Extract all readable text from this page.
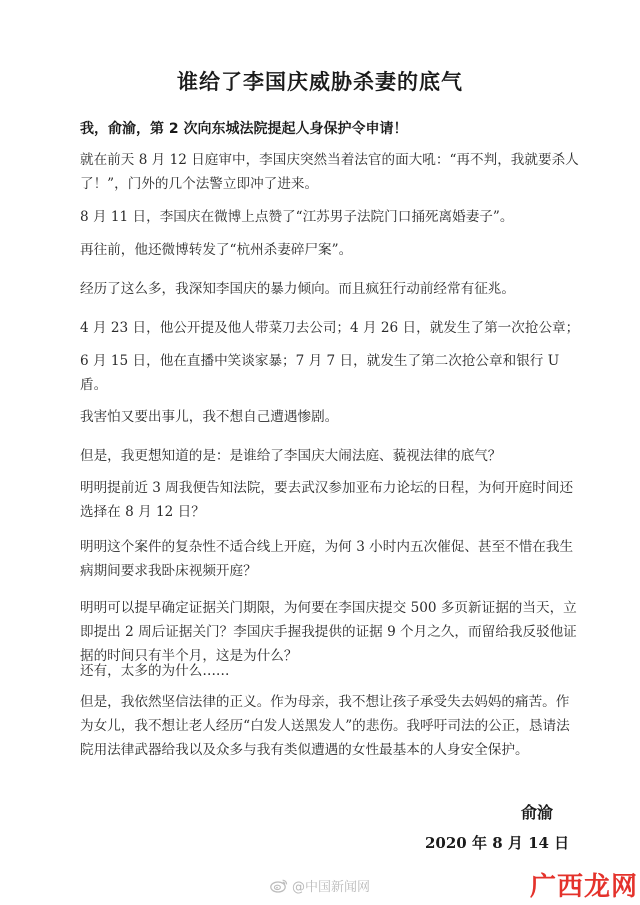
谁给了李国庆威胁杀妻的底气
我，俞渝，第 2 次向东城法院提起人身保护令申请！
就在前天 8 月 12 日庭审中，李国庆突然当着法官的面大吼：“再不判，我就要杀人了！”，门外的几个法警立即冲了进来。
8 月 11 日，李国庆在微博上点赞了“江苏男子法院门口捅死离婚妻子”。
再往前，他还微博转发了“杭州杀妻碎尸案”。
经历了这么多，我深知李国庆的暴力倾向。而且疯狂行动前经常有征兆。
4 月 23 日，他公开提及他人带菜刀去公司；4 月 26 日，就发生了第一次抢公章；
6 月 15 日，他在直播中笑谈家暴；7 月 7 日，就发生了第二次抢公章和银行 U 盾。
我害怕又要出事儿，我不想自己遭遇惨剧。
但是，我更想知道的是：是谁给了李国庆大闹法庭、藐视法律的底气？
明明提前近 3 周我便告知法院，要去武汉参加亚布力论坛的日程，为何开庭时间还选择在 8 月 12 日？
明明这个案件的复杂性不适合线上开庭，为何 3 小时内五次催促、甚至不惜在我生病期间要求我卧床视频开庭？
明明可以提早确定证据关门期限，为何要在李国庆提交 500 多页新证据的当天，立即提出 2 周后证据关门？李国庆手握我提供的证据 9 个月之久，而留给我反驳他证据的时间只有半个月，这是为什么？
还有，太多的为什么……
但是，我依然坚信法律的正义。作为母亲，我不想让孩子承受失去妈妈的痛苦。作为女儿，我不想让老人经历“白发人送黑发人”的悲伤。我呼吁司法的公正，恳请法院用法律武器给我以及众多与我有类似遭遇的女性最基本的人身安全保护。
俞渝
2020 年 8 月 14 日
@中国新闻网	广西龙网
